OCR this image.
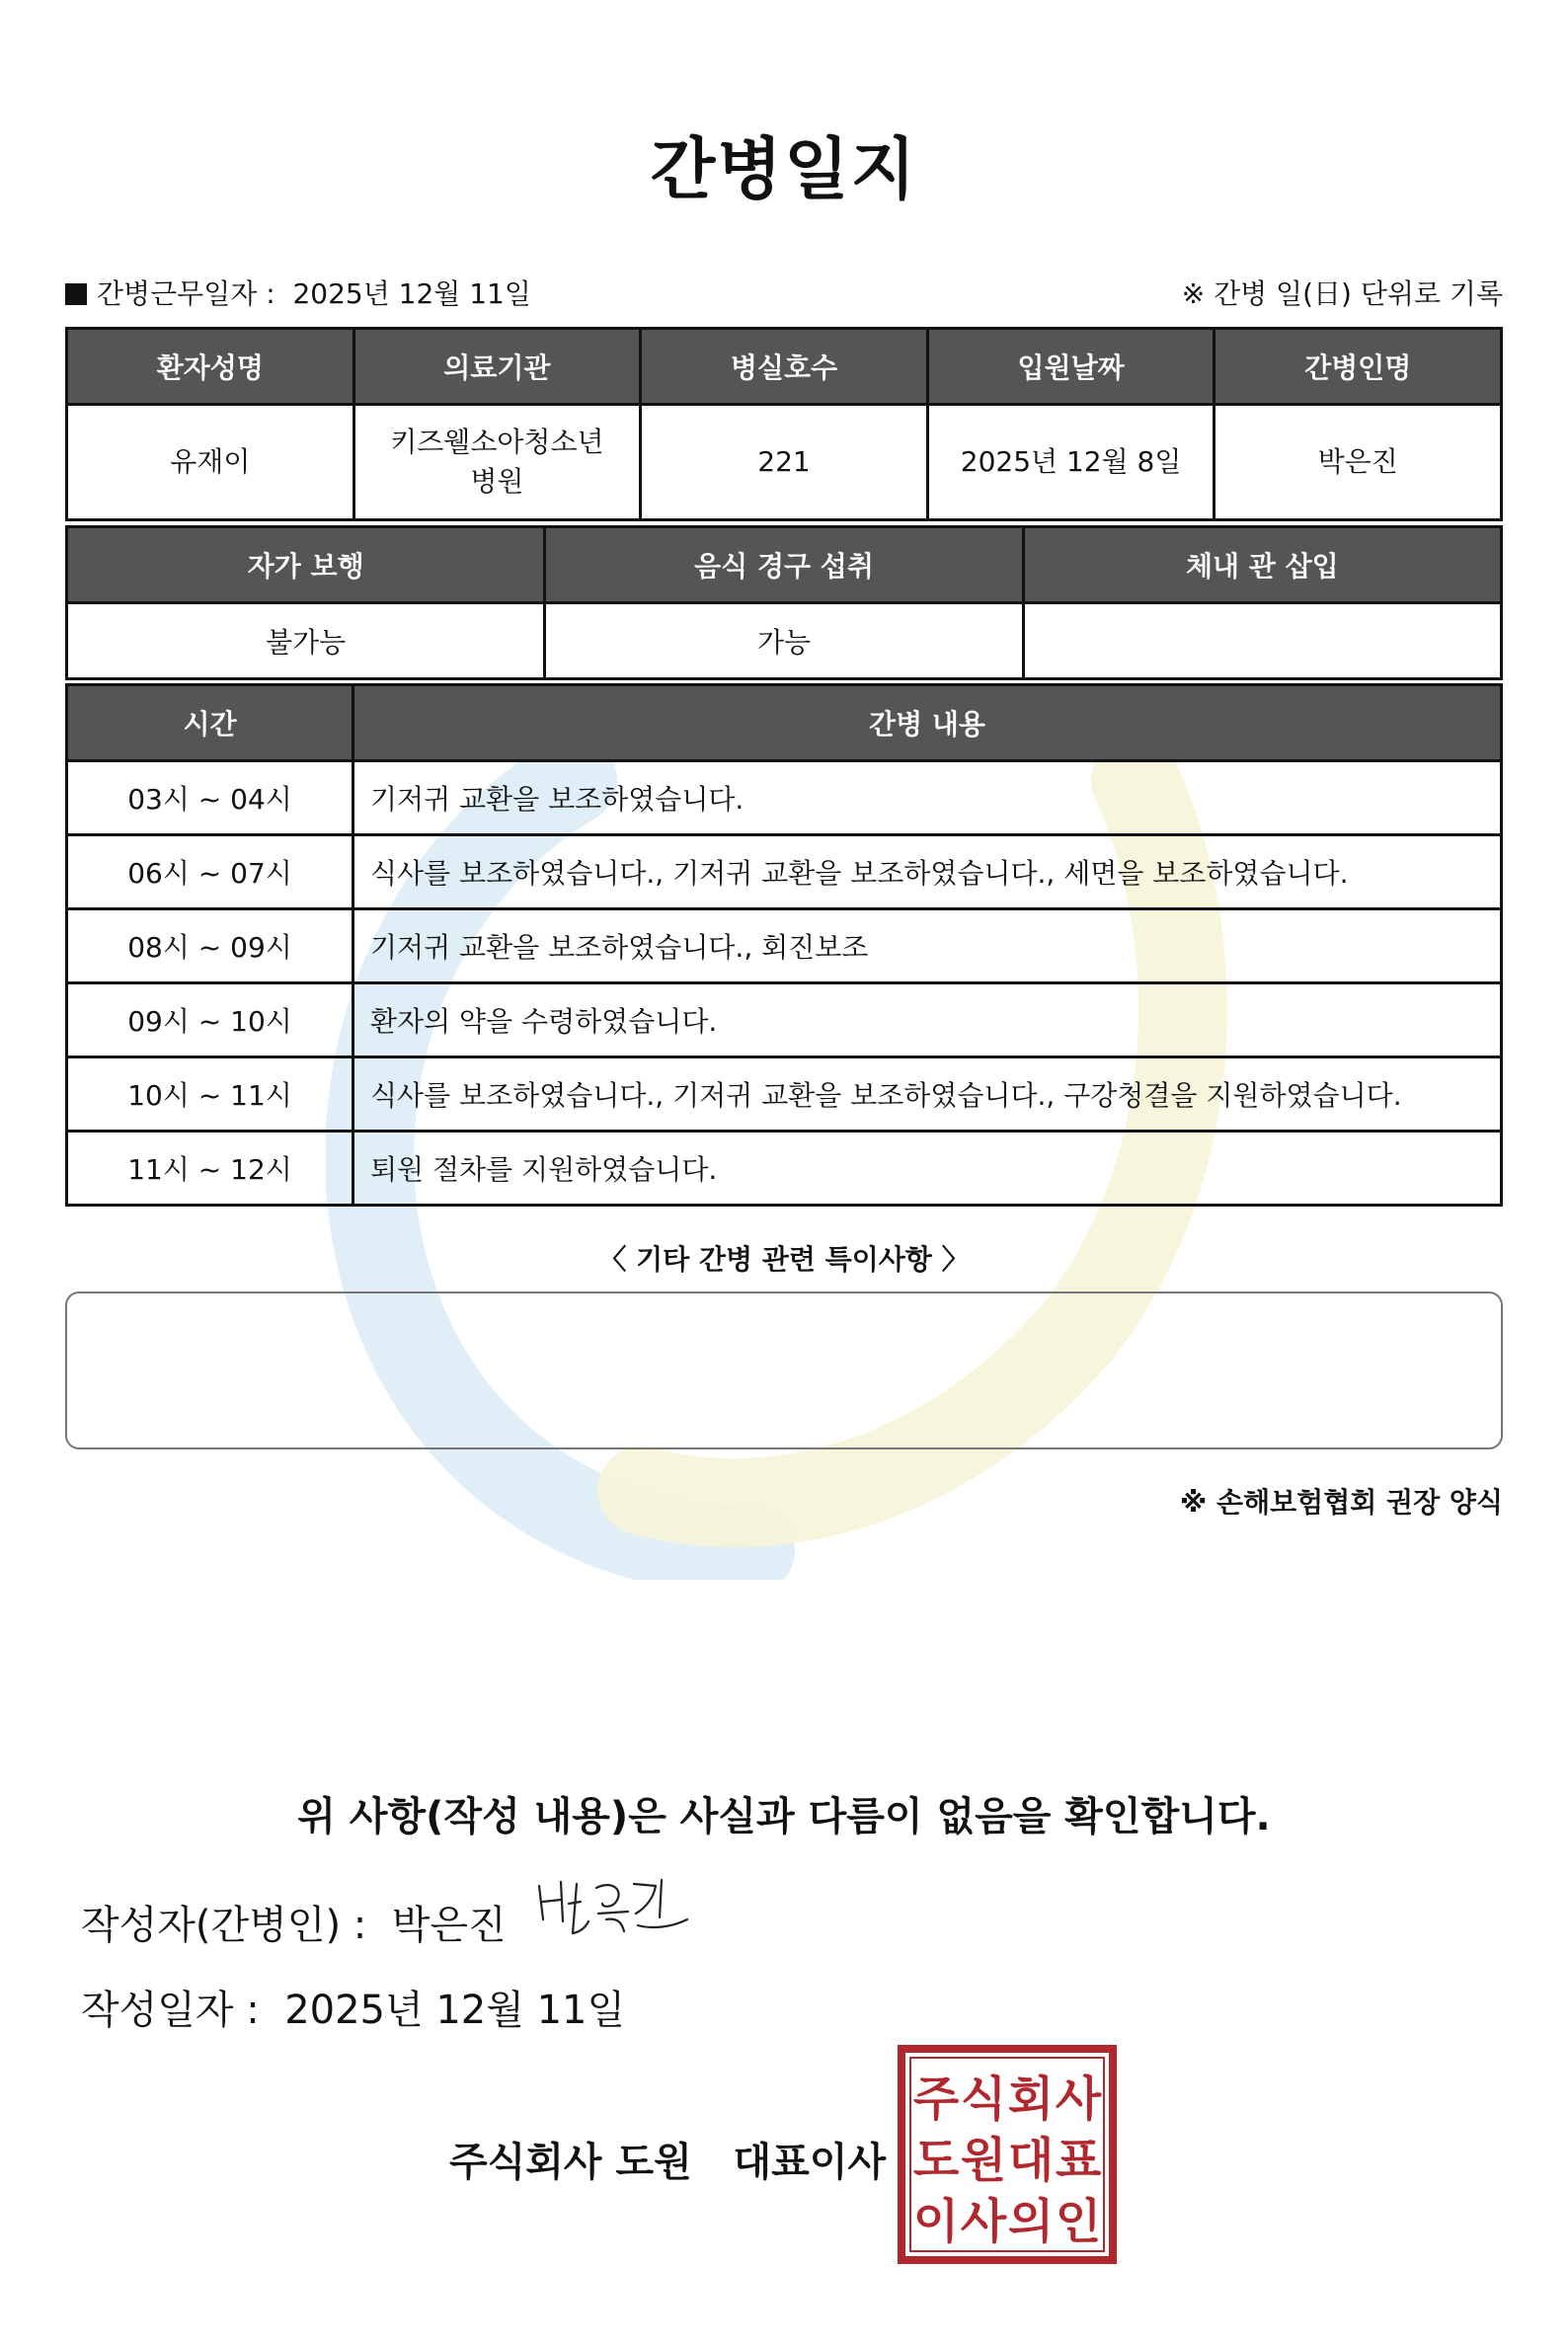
간병일지
간병근무일자 :  2025년 12월 11일	※ 간병 일(日) 단위로 기록
환자성명	의료기관	병실호수	입원날짜	간병인명
유재이	키즈웰소아청소년병원	221	2025년 12월 8일	박은진
자가 보행	음식 경구 섭취	체내 관 삽입
불가능	가능	
시간	간병 내용
03시 ~ 04시	기저귀 교환을 보조하였습니다.
06시 ~ 07시	식사를 보조하였습니다., 기저귀 교환을 보조하였습니다., 세면을 보조하였습니다.
08시 ~ 09시	기저귀 교환을 보조하였습니다., 회진보조
09시 ~ 10시	환자의 약을 수령하였습니다.
10시 ~ 11시	식사를 보조하였습니다., 기저귀 교환을 보조하였습니다., 구강청결을 지원하였습니다.
11시 ~ 12시	퇴원 절차를 지원하였습니다.
〈 기타 간병 관련 특이사항 〉
※ 손해보험협회 권장 양식
위 사항(작성 내용)은 사실과 다름이 없음을 확인합니다.
작성자(간병인) : 박은진
작성일자 : 2025년 12월 11일
주식회사 도원   대표이사
주 식 회 사
도 원 대 표
이 사 의 인
